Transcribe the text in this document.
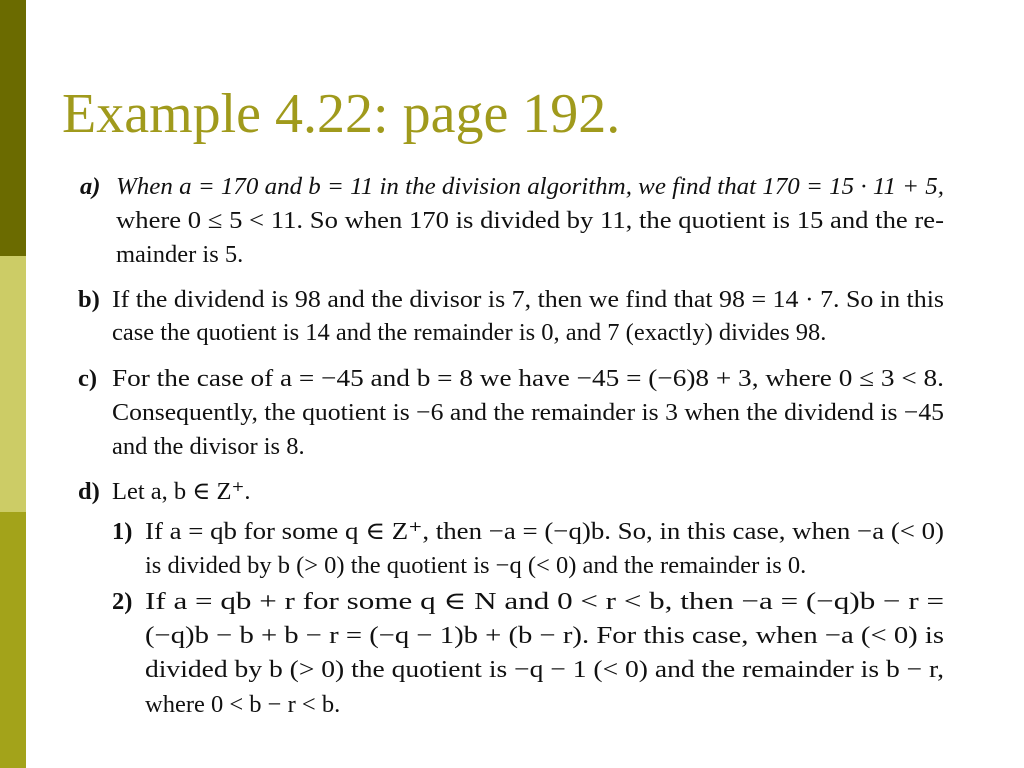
Example 4.22: page 192.
a) When a = 170 and b = 11 in the division algorithm, we find that 170 = 15 · 11 + 5,
where 0 ≤ 5 < 11. So when 170 is divided by 11, the quotient is 15 and the re-
mainder is 5.
b) If the dividend is 98 and the divisor is 7, then we find that 98 = 14 · 7. So in this
case the quotient is 14 and the remainder is 0, and 7 (exactly) divides 98.
c) For the case of a = −45 and b = 8 we have −45 = (−6)8 + 3, where 0 ≤ 3 < 8.
Consequently, the quotient is −6 and the remainder is 3 when the dividend is −45
and the divisor is 8.
d) Let a, b ∈ Z⁺.
1) If a = qb for some q ∈ Z⁺, then −a = (−q)b. So, in this case, when −a (< 0)
is divided by b (> 0) the quotient is −q (< 0) and the remainder is 0.
2) If a = qb + r for some q ∈ N and 0 < r < b, then −a = (−q)b − r =
(−q)b − b + b − r = (−q − 1)b + (b − r). For this case, when −a (< 0) is
divided by b (> 0) the quotient is −q − 1 (< 0) and the remainder is b − r,
where 0 < b − r < b.
